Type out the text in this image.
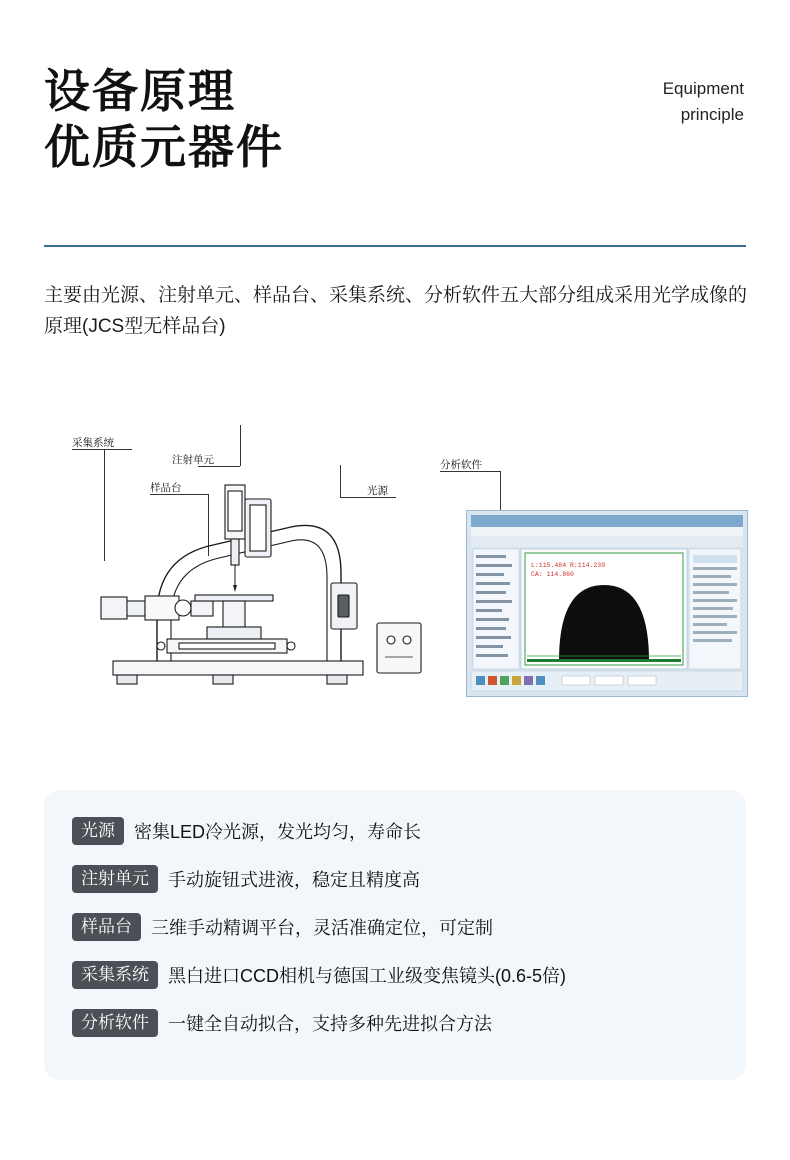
设备原理
优质元器件
Equipment
principle
主要由光源、注射单元、样品台、采集系统、分析软件五大部分组成采用光学成像的原理(JCS型无样品台)
采集系统
注射单元
样品台	光源
分析软件
L:115.484 R:114.239
CA: 114.860
光源	密集LED冷光源，发光均匀，寿命长
注射单元	手动旋钮式进液，稳定且精度高
样品台	三维手动精调平台，灵活准确定位，可定制
采集系统	黑白进口CCD相机与德国工业级变焦镜头(0.6-5倍)
分析软件	一键全自动拟合，支持多种先进拟合方法
